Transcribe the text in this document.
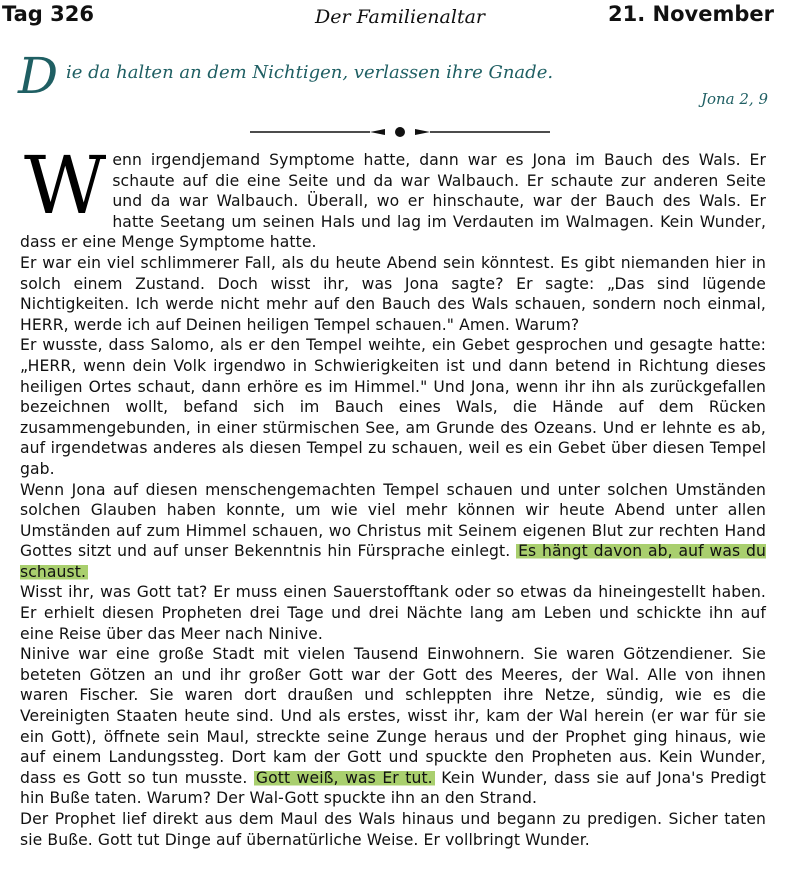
Tag 326	Der Familienaltar	21. November
D ie da halten an dem Nichtigen, verlassen ihre Gnade.
Jona 2, 9

Wenn irgendjemand Symptome hatte, dann war es Jona im Bauch des Wals. Er schaute auf die eine Seite und da war Walbauch. Er schaute zur anderen Seite und da war Walbauch. Überall, wo er hinschaute, war der Bauch des Wals. Er hatte Seetang um seinen Hals und lag im Verdauten im Walmagen. Kein Wunder, dass er eine Menge Symptome hatte.

Er war ein viel schlimmerer Fall, als du heute Abend sein könntest. Es gibt niemanden hier in solch einem Zustand. Doch wisst ihr, was Jona sagte? Er sagte: „Das sind lügende Nichtigkeiten. Ich werde nicht mehr auf den Bauch des Wals schauen, sondern noch einmal, HERR, werde ich auf Deinen heiligen Tempel schauen." Amen. Warum?

Er wusste, dass Salomo, als er den Tempel weihte, ein Gebet gesprochen und gesagte hatte: „HERR, wenn dein Volk irgendwo in Schwierigkeiten ist und dann betend in Richtung dieses heiligen Ortes schaut, dann erhöre es im Himmel." Und Jona, wenn ihr ihn als zurückgefallen bezeichnen wollt, befand sich im Bauch eines Wals, die Hände auf dem Rücken zusammengebunden, in einer stürmischen See, am Grunde des Ozeans. Und er lehnte es ab, auf irgendetwas anderes als diesen Tempel zu schauen, weil es ein Gebet über diesen Tempel gab.

Wenn Jona auf diesen menschengemachten Tempel schauen und unter solchen Umständen solchen Glauben haben konnte, um wie viel mehr können wir heute Abend unter allen Umständen auf zum Himmel schauen, wo Christus mit Seinem eigenen Blut zur rechten Hand Gottes sitzt und auf unser Bekenntnis hin Fürsprache einlegt. Es hängt davon ab, auf was du schaust.

Wisst ihr, was Gott tat? Er muss einen Sauerstofftank oder so etwas da hineingestellt haben. Er erhielt diesen Propheten drei Tage und drei Nächte lang am Leben und schickte ihn auf eine Reise über das Meer nach Ninive.

Ninive war eine große Stadt mit vielen Tausend Einwohnern. Sie waren Götzendiener. Sie beteten Götzen an und ihr großer Gott war der Gott des Meeres, der Wal. Alle von ihnen waren Fischer. Sie waren dort draußen und schleppten ihre Netze, sündig, wie es die Vereinigten Staaten heute sind. Und als erstes, wisst ihr, kam der Wal herein (er war für sie ein Gott), öffnete sein Maul, streckte seine Zunge heraus und der Prophet ging hinaus, wie auf einem Landungssteg. Dort kam der Gott und spuckte den Propheten aus. Kein Wunder, dass es Gott so tun musste. Gott weiß, was Er tut. Kein Wunder, dass sie auf Jona's Predigt hin Buße taten. Warum? Der Wal-Gott spuckte ihn an den Strand.

Der Prophet lief direkt aus dem Maul des Wals hinaus und begann zu predigen. Sicher taten sie Buße. Gott tut Dinge auf übernatürliche Weise. Er vollbringt Wunder.
